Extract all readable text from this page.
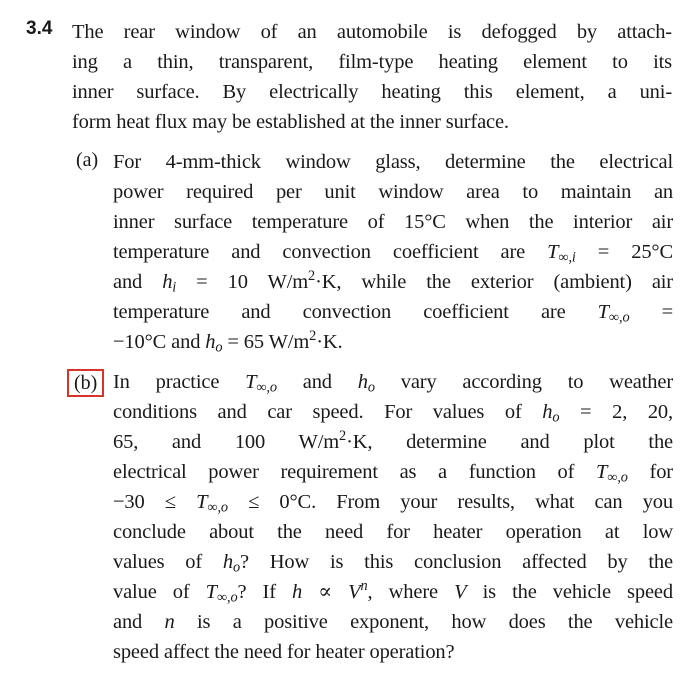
3.4 The rear window of an automobile is defogged by attach-
ing a thin, transparent, film-type heating element to its
inner surface. By electrically heating this element, a uni-
form heat flux may be established at the inner surface.
(a) For 4-mm-thick window glass, determine the electrical
power required per unit window area to maintain an
inner surface temperature of 15°C when the interior air
temperature and convection coefficient are $T_{\infty,i} = 25^\circ C$
and $h_i = 10$ $W/m^2\cdot K$, while the exterior (ambient) air
temperature and convection coefficient are $T_{\infty,o}$ =
−10°C and $h_o = 65$ $W/m^2\cdot K$.
(b) In practice $T_{\infty,o}$ and $h_o$ vary according to weather
conditions and car speed. For values of $h_o = 2$, 20,
65, and 100 $W/m^2\cdot K$, determine and plot the
electrical power requirement as a function of $T_{\infty,o}$ for
$-30 \le T_{\infty,o} \le 0^\circ C$. From your results, what can you
conclude about the need for heater operation at low
values of $h_o$? How is this conclusion affected by the
value of $T_{\infty,o}$? If $h \propto V^n$, where V is the vehicle speed
and n is a positive exponent, how does the vehicle
speed affect the need for heater operation?
